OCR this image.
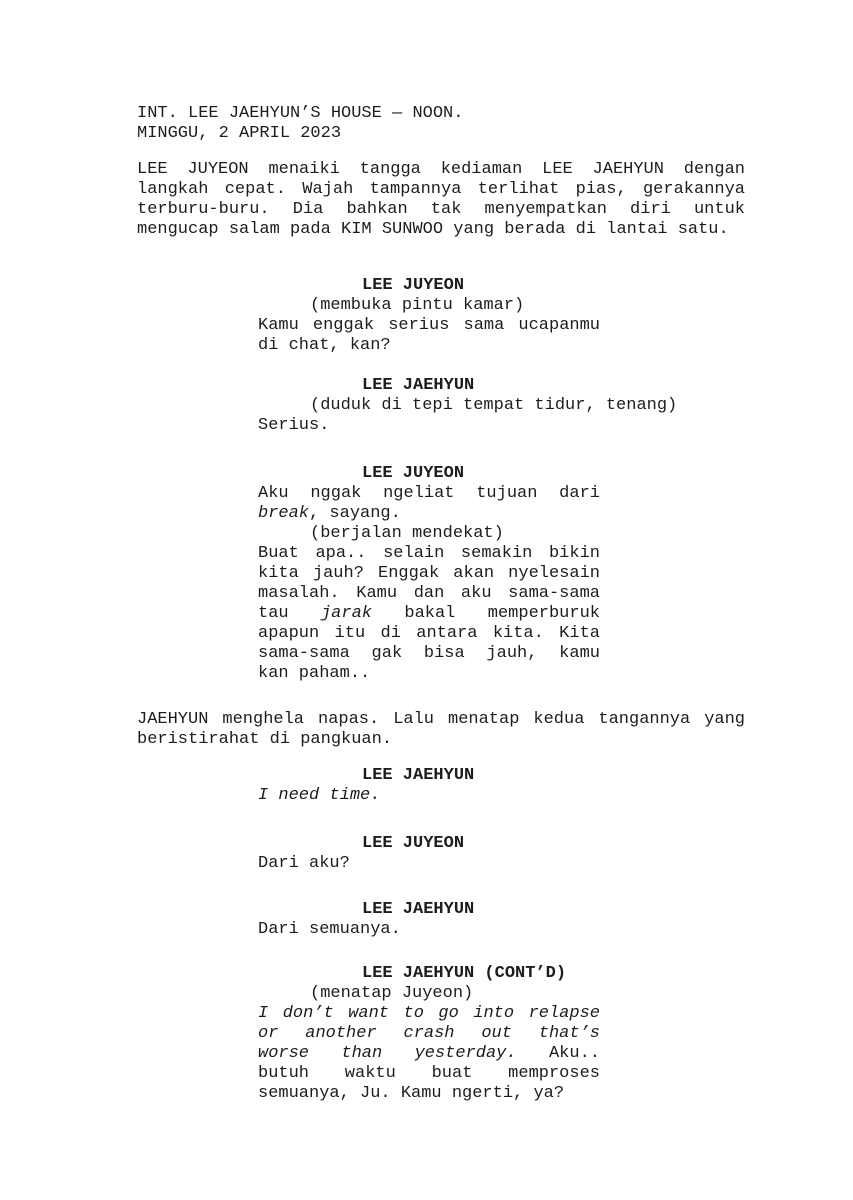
INT. LEE JAEHYUN’S HOUSE — NOON.
MINGGU, 2 APRIL 2023
LEE JUYEON menaiki tangga kediaman LEE JAEHYUN dengan
langkah cepat. Wajah tampannya terlihat pias, gerakannya
terburu-buru. Dia bahkan tak menyempatkan diri untuk
mengucap salam pada KIM SUNWOO yang berada di lantai satu.
LEE JUYEON
(membuka pintu kamar)
Kamu enggak serius sama ucapanmu
di chat, kan?
LEE JAEHYUN
(duduk di tepi tempat tidur, tenang)
Serius.
LEE JUYEON
Aku nggak ngeliat tujuan dari
break, sayang.
(berjalan mendekat)
Buat apa.. selain semakin bikin
kita jauh? Enggak akan nyelesain
masalah. Kamu dan aku sama-sama
tau jarak bakal memperburuk
apapun itu di antara kita. Kita
sama-sama gak bisa jauh, kamu
kan paham..
JAEHYUN menghela napas. Lalu menatap kedua tangannya yang
beristirahat di pangkuan.
LEE JAEHYUN
I need time.
LEE JUYEON
Dari aku?
LEE JAEHYUN
Dari semuanya.
LEE JAEHYUN (CONT’D)
(menatap Juyeon)
I don’t want to go into relapse
or another crash out that’s
worse than yesterday. Aku..
butuh waktu buat memproses
semuanya, Ju. Kamu ngerti, ya?
